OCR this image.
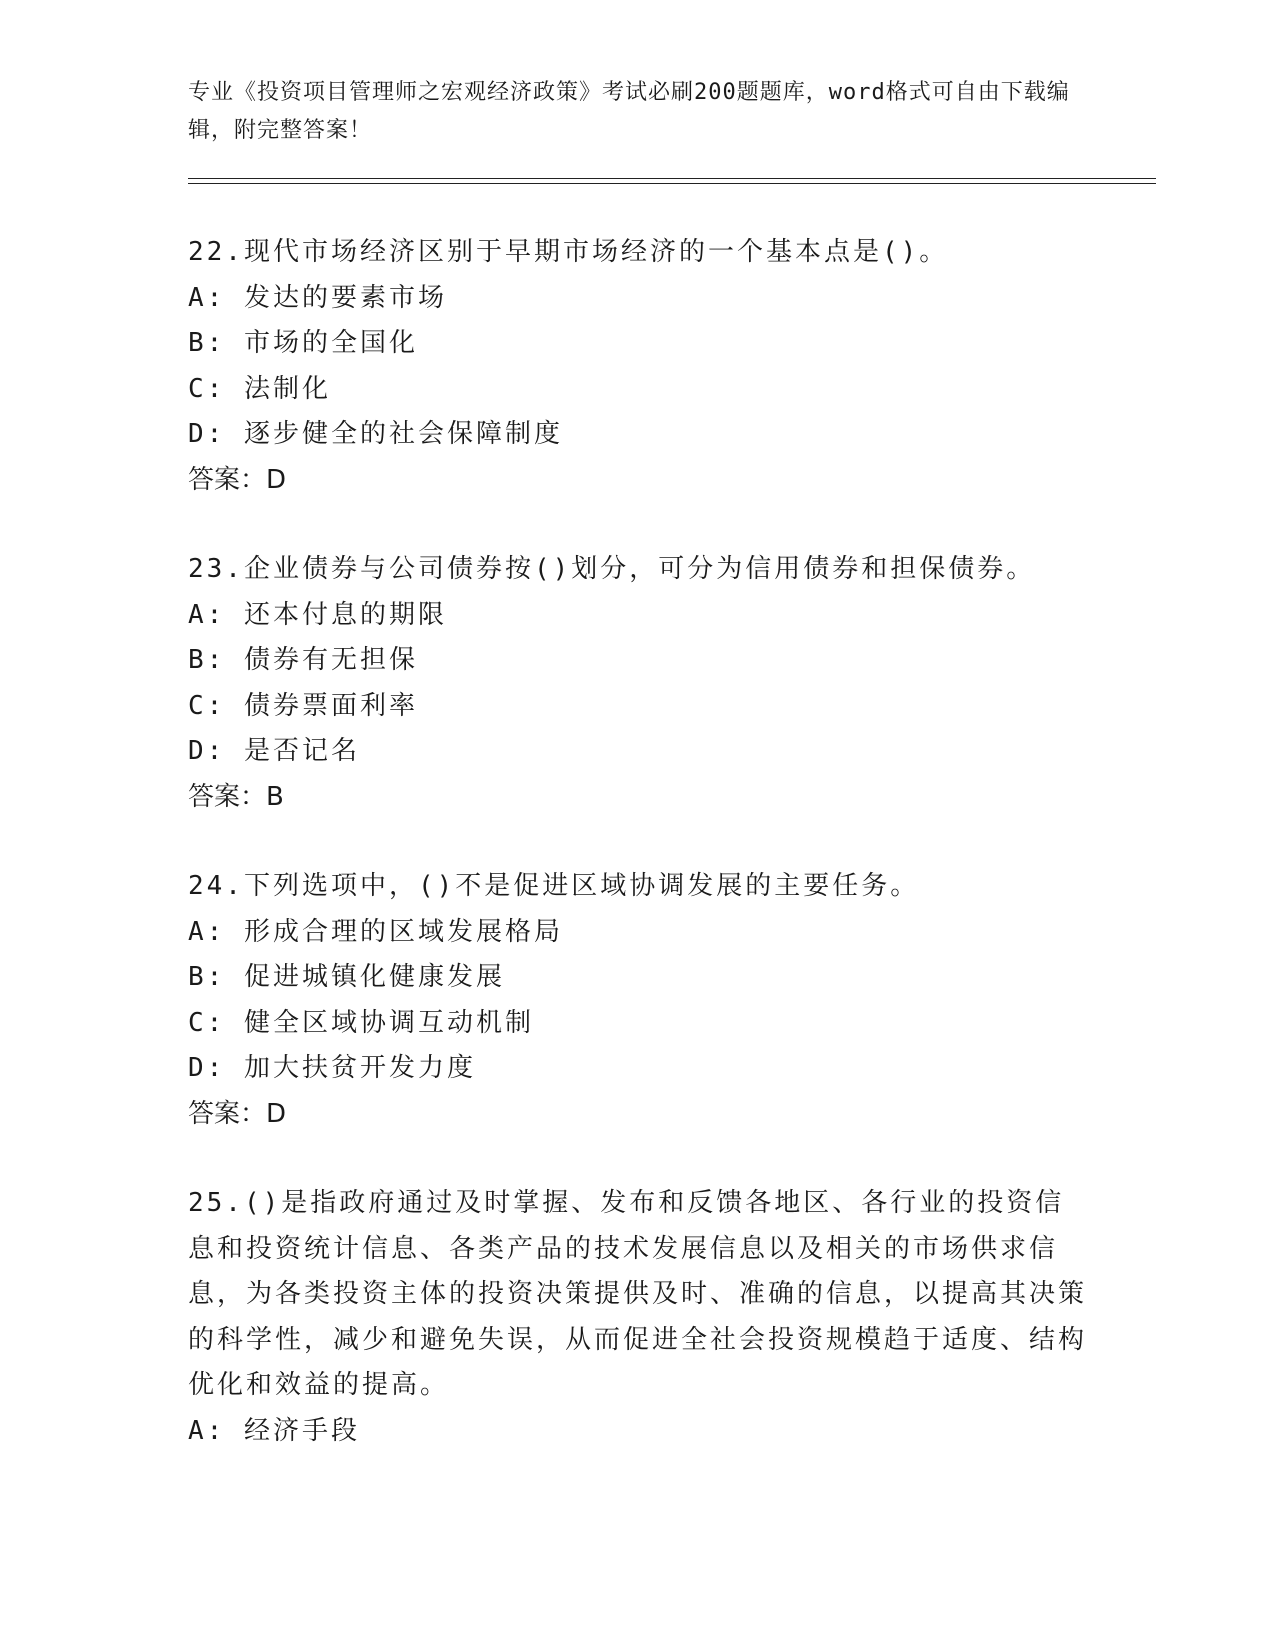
专业《投资项目管理师之宏观经济政策》考试必刷200题题库，word格式可自由下载编辑，附完整答案！

22.现代市场经济区别于早期市场经济的一个基本点是()。

A: 发达的要素市场

B: 市场的全国化

C: 法制化

D: 逐步健全的社会保障制度

答案：D

23.企业债券与公司债券按()划分，可分为信用债券和担保债券。

A: 还本付息的期限

B: 债券有无担保

C: 债券票面利率

D: 是否记名

答案：B

24.下列选项中，()不是促进区域协调发展的主要任务。

A: 形成合理的区域发展格局

B: 促进城镇化健康发展

C: 健全区域协调互动机制

D: 加大扶贫开发力度

答案：D

25.()是指政府通过及时掌握、发布和反馈各地区、各行业的投资信息和投资统计信息、各类产品的技术发展信息以及相关的市场供求信息，为各类投资主体的投资决策提供及时、准确的信息，以提高其决策的科学性，减少和避免失误，从而促进全社会投资规模趋于适度、结构优化和效益的提高。

A: 经济手段
